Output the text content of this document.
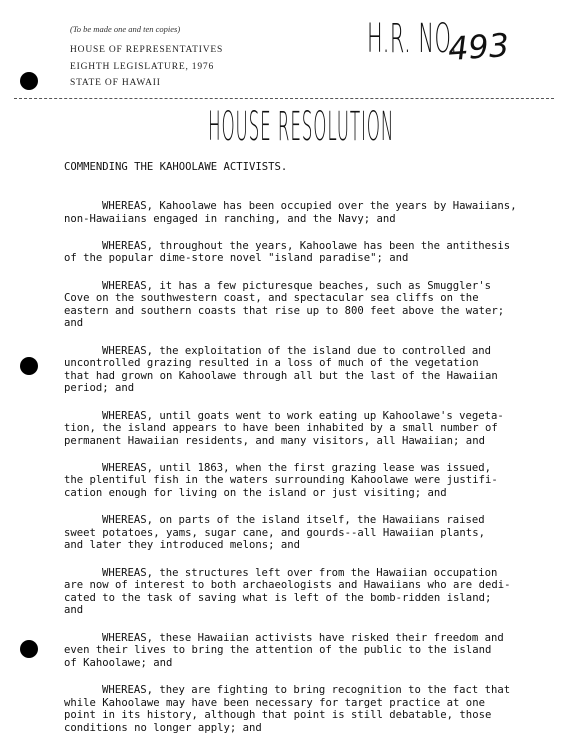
(To be made one and ten copies)
HOUSE OF REPRESENTATIVES
EIGHTH LEGISLATURE, 1976
STATE OF HAWAII
H.R. NO.
493
HOUSE RESOLUTION
COMMENDING THE KAHOOLAWE ACTIVISTS.
WHEREAS, Kahoolawe has been occupied over the years by Hawaiians,
non-Hawaiians engaged in ranching, and the Navy; and
WHEREAS, throughout the years, Kahoolawe has been the antithesis
of the popular dime-store novel "island paradise"; and
WHEREAS, it has a few picturesque beaches, such as Smuggler's
Cove on the southwestern coast, and spectacular sea cliffs on the
eastern and southern coasts that rise up to 800 feet above the water;
and
WHEREAS, the exploitation of the island due to controlled and
uncontrolled grazing resulted in a loss of much of the vegetation
that had grown on Kahoolawe through all but the last of the Hawaiian
period; and
WHEREAS, until goats went to work eating up Kahoolawe's vegeta-
tion, the island appears to have been inhabited by a small number of
permanent Hawaiian residents, and many visitors, all Hawaiian; and
WHEREAS, until 1863, when the first grazing lease was issued,
the plentiful fish in the waters surrounding Kahoolawe were justifi-
cation enough for living on the island or just visiting; and
WHEREAS, on parts of the island itself, the Hawaiians raised
sweet potatoes, yams, sugar cane, and gourds--all Hawaiian plants,
and later they introduced melons; and
WHEREAS, the structures left over from the Hawaiian occupation
are now of interest to both archaeologists and Hawaiians who are dedi-
cated to the task of saving what is left of the bomb-ridden island;
and
WHEREAS, these Hawaiian activists have risked their freedom and
even their lives to bring the attention of the public to the island
of Kahoolawe; and
WHEREAS, they are fighting to bring recognition to the fact that
while Kahoolawe may have been necessary for target practice at one
point in its history, although that point is still debatable, those
conditions no longer apply; and
